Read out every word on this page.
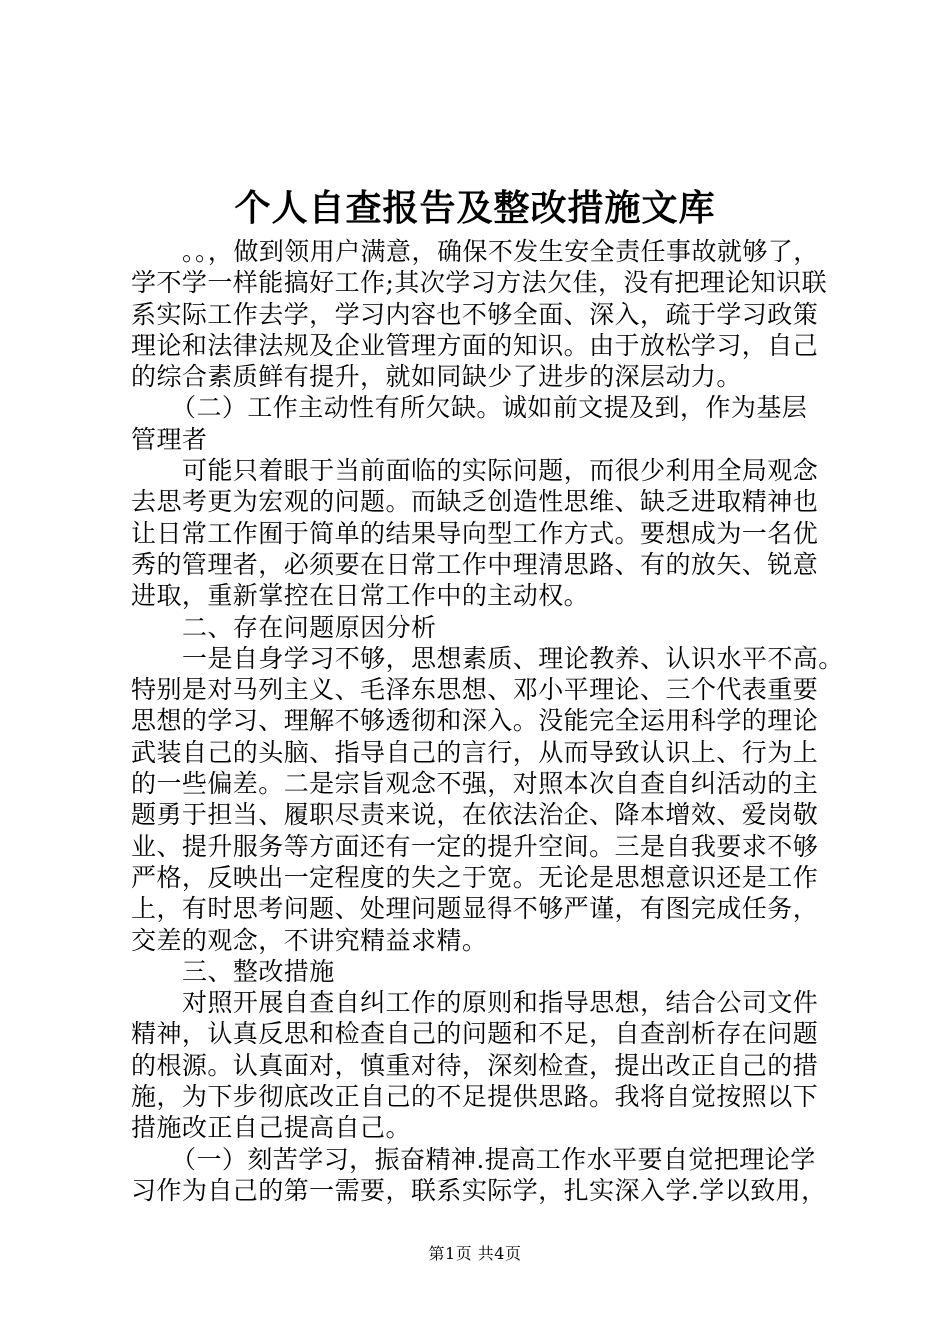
个人自查报告及整改措施文库
。。，做到领用户满意，确保不发生安全责任事故就够了，
学不学一样能搞好工作;其次学习方法欠佳，没有把理论知识联
系实际工作去学，学习内容也不够全面、深入，疏于学习政策
理论和法律法规及企业管理方面的知识。由于放松学习，自己
的综合素质鲜有提升，就如同缺少了进步的深层动力。
（二）工作主动性有所欠缺。诚如前文提及到，作为基层
管理者
可能只着眼于当前面临的实际问题，而很少利用全局观念
去思考更为宏观的问题。而缺乏创造性思维、缺乏进取精神也
让日常工作囿于简单的结果导向型工作方式。要想成为一名优
秀的管理者，必须要在日常工作中理清思路、有的放矢、锐意
进取，重新掌控在日常工作中的主动权。
二、存在问题原因分析
一是自身学习不够，思想素质、理论教养、认识水平不高。
特别是对马列主义、毛泽东思想、邓小平理论、三个代表重要
思想的学习、理解不够透彻和深入。没能完全运用科学的理论
武装自己的头脑、指导自己的言行，从而导致认识上、行为上
的一些偏差。二是宗旨观念不强，对照本次自查自纠活动的主
题勇于担当、履职尽责来说，在依法治企、降本增效、爱岗敬
业、提升服务等方面还有一定的提升空间。三是自我要求不够
严格，反映出一定程度的失之于宽。无论是思想意识还是工作
上，有时思考问题、处理问题显得不够严谨，有图完成任务，
交差的观念，不讲究精益求精。
三、整改措施
对照开展自查自纠工作的原则和指导思想，结合公司文件
精神，认真反思和检查自己的问题和不足，自查剖析存在问题
的根源。认真面对，慎重对待，深刻检查，提出改正自己的措
施，为下步彻底改正自己的不足提供思路。我将自觉按照以下
措施改正自己提高自己。
（一）刻苦学习，振奋精神.提高工作水平要自觉把理论学
习作为自己的第一需要，联系实际学，扎实深入学.学以致用，
第1页 共4页
